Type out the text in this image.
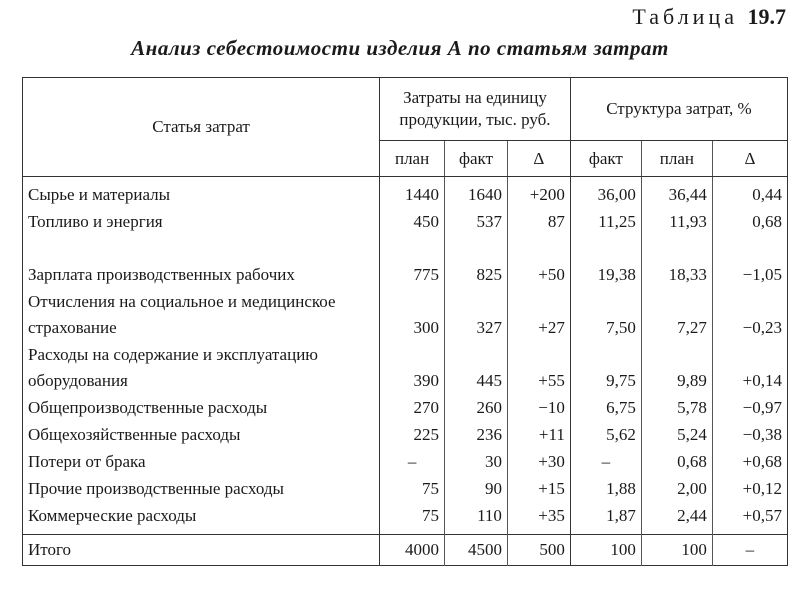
Таблица 19.7
Анализ себестоимости изделия А по статьям затрат
Статья затрат	Затраты на единицу продукции, тыс. руб.			Структура затрат, %		
	план	факт	Δ	факт	план	Δ
Сырье и материалы	1440	1640	+200	36,00	36,44	0,44
Топливо и энергия	450	537	87	11,25	11,93	0,68
Зарплата производственных рабочих	775	825	+50	19,38	18,33	−1,05
Отчисления на социальное и медицинское страхование	300	327	+27	7,50	7,27	−0,23
Расходы на содержание и эксплуатацию оборудования	390	445	+55	9,75	9,89	+0,14
Общепроизводственные расходы	270	260	−10	6,75	5,78	−0,97
Общехозяйственные расходы	225	236	+11	5,62	5,24	−0,38
Потери от брака	–	30	+30	–	0,68	+0,68
Прочие производственные расходы	75	90	+15	1,88	2,00	+0,12
Коммерческие расходы	75	110	+35	1,87	2,44	+0,57
Итого	4000	4500	500	100	100	–
